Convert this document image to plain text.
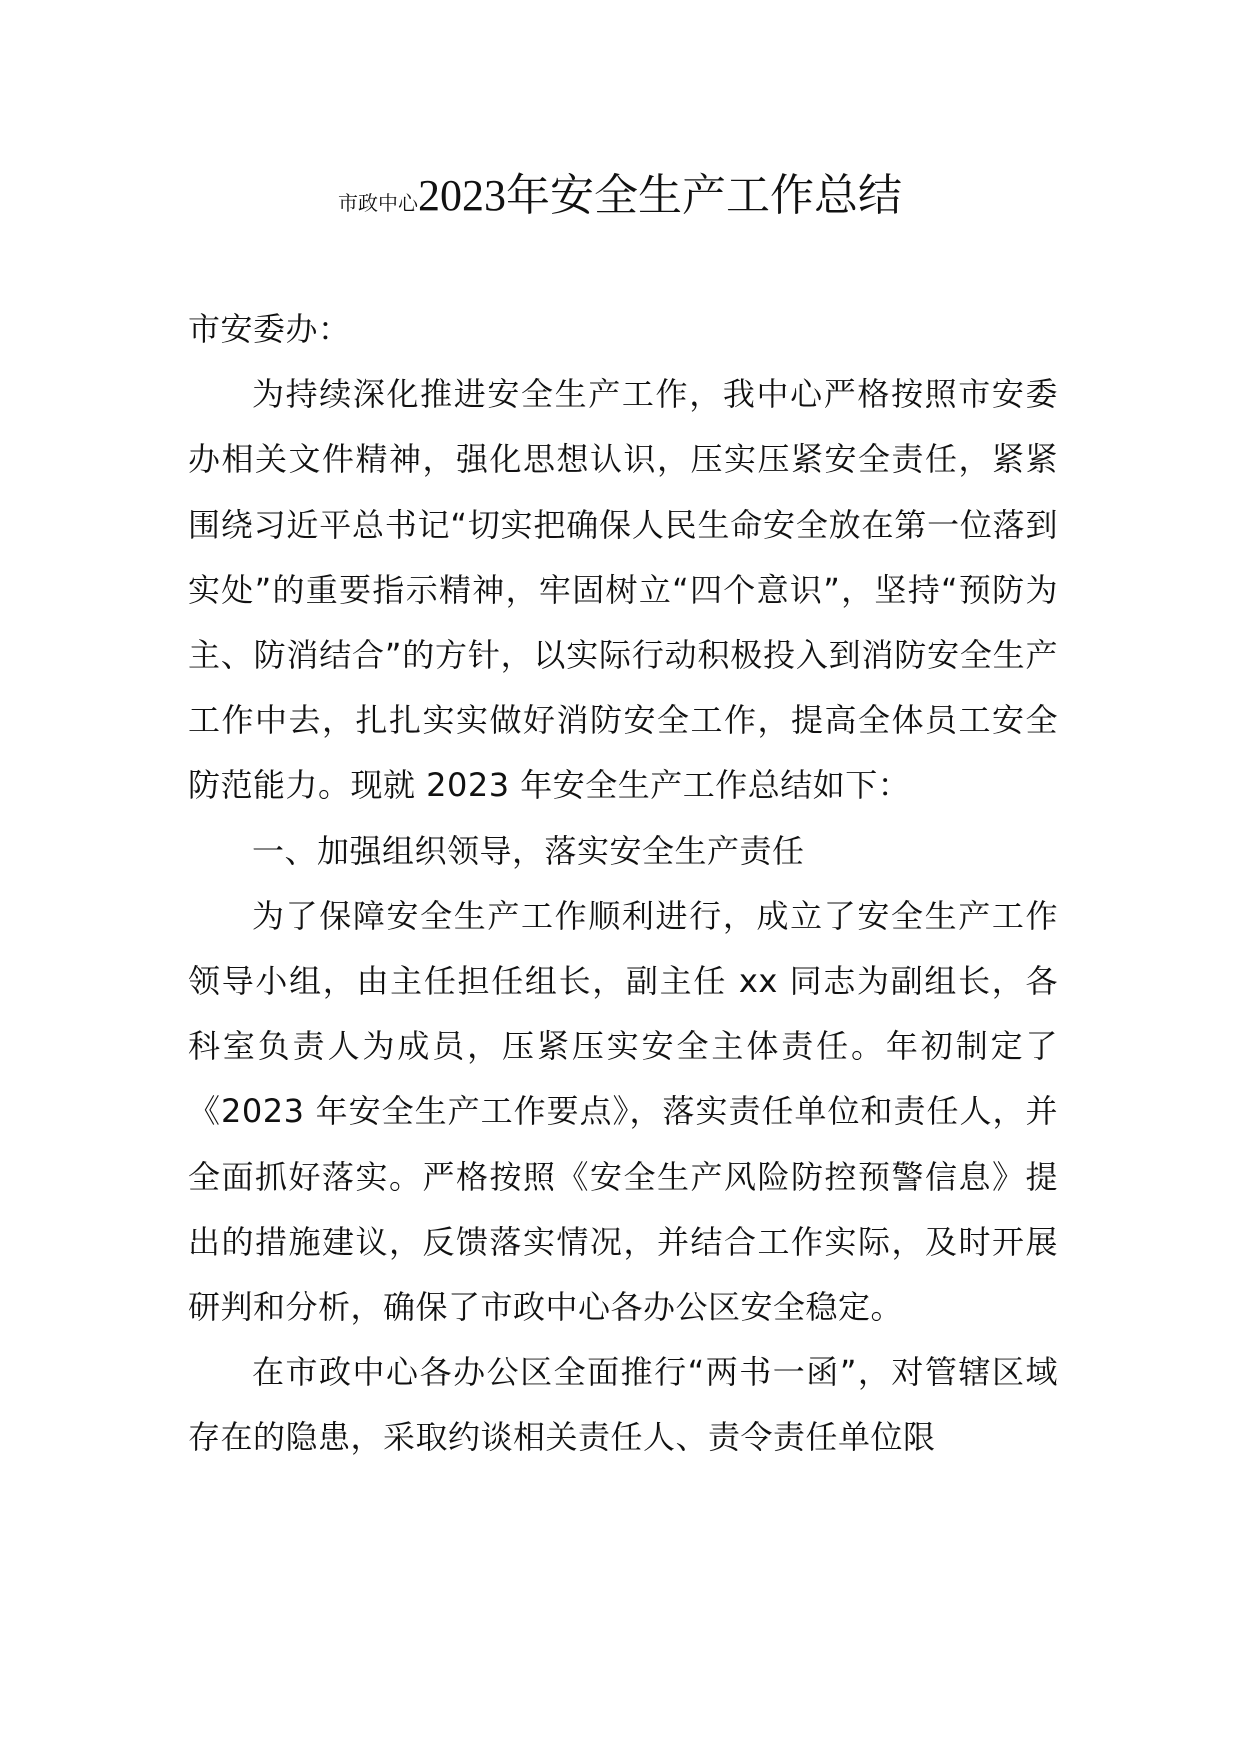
市政中心2023年安全生产工作总结

市安委办：

为持续深化推进安全生产工作，我中心严格按照市安委办相关文件精神，强化思想认识，压实压紧安全责任，紧紧围绕习近平总书记“切实把确保人民生命安全放在第一位落到实处”的重要指示精神，牢固树立“四个意识”，坚持“预防为主、防消结合”的方针，以实际行动积极投入到消防安全生产工作中去，扎扎实实做好消防安全工作，提高全体员工安全防范能力。现就 2023 年安全生产工作总结如下：

一、加强组织领导，落实安全生产责任

为了保障安全生产工作顺利进行，成立了安全生产工作领导小组，由主任担任组长，副主任 xx 同志为副组长，各科室负责人为成员，压紧压实安全主体责任。年初制定了《2023 年安全生产工作要点》，落实责任单位和责任人，并全面抓好落实。严格按照《安全生产风险防控预警信息》提出的措施建议，反馈落实情况，并结合工作实际，及时开展研判和分析，确保了市政中心各办公区安全稳定。

在市政中心各办公区全面推行“两书一函”，对管辖区域存在的隐患，采取约谈相关责任人、责令责任单位限
